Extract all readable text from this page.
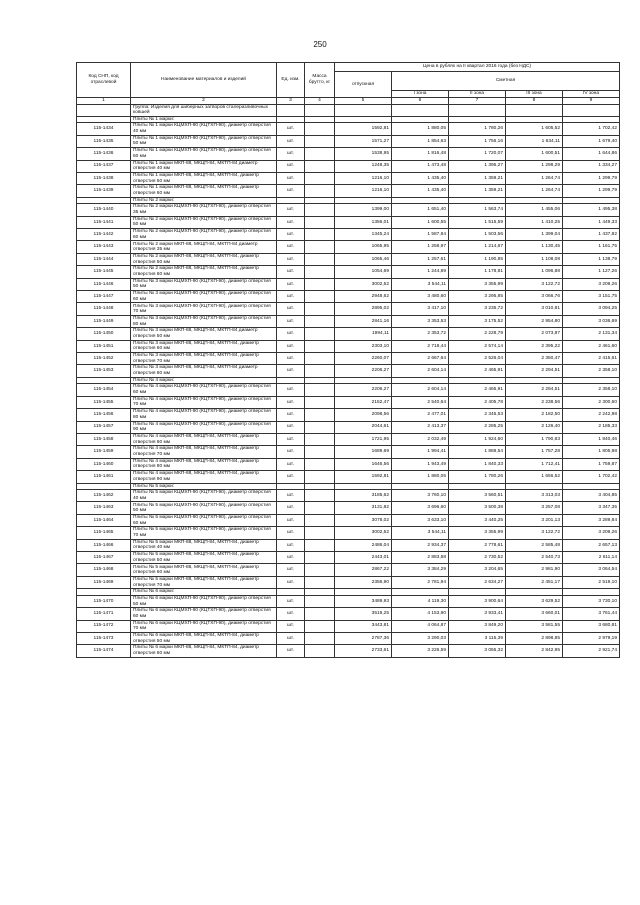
250
Код СНП, код отраслевой	Наименование материалов и изделий	Ед. изм.	Масса брутто, кг	Цена в рублях на II квартал 2016 года (без НДС)				
				отпускная	Сметная			
					I зона	II зона	III зона	IV зона
1	2	3	4	5	6	7	8	9
	Группа: Изделия для шиберных затворов сталеразливочных ковшей							
	Плиты № 1 марки:							
115-1434	Плиты № 1 марки КЦМХП-90 (КЦТХП-90), диаметр отверстия 40 мм	шт.		1592,81	1 880,05	1 780,26	1 605,52	1 702,42
115-1435	Плиты № 1 марки КЦМХП-90 (КЦТХП-90), диаметр отверстия 50 мм	шт.		1571,27	1 854,63	1 756,16	1 634,11	1 679,40
115-1436	Плиты № 1 марки КЦМХП-90 (КЦТХП-90), диаметр отверстия 60 мм	шт.		1538,95	1 816,48	1 720,07	1 600,51	1 644,86
115-1437	Плиты № 1 марки МКП-88, МКЦП-84, МКТП-84 диаметр отверстия 40 мм	шт.		1248,35	1 473,48	1 395,27	1 298,29	1 334,27
115-1438	Плиты № 1 марки МКП-88, МКЦП-84, МКТП-84, диаметр отверстия 50 мм	шт.		1216,10	1 435,40	1 359,21	1 264,74	1 299,79
115-1439	Плиты № 1 марки МКП-88, МКЦП-84, МКТП-84, диаметр отверстия 60 мм	шт.		1216,10	1 435,40	1 359,21	1 264,74	1 299,79
	Плиты № 2 марки:							
115-1440	Плиты № 2 марки КЦМХП-90 (КЦТХП-90), диаметр отверстия 35 мм	шт.		1399,00	1 651,40	1 563,74	1 455,06	1 495,38
115-1441	Плиты № 2 марки КЦМХП-90 (КЦТХП-90), диаметр отверстия 50 мм	шт.		1356,01	1 600,55	1 515,59	1 410,25	1 449,33
115-1442	Плиты № 2 марки КЦМХП-90 (КЦТХП-90), диаметр отверстия 60 мм	шт.		1345,24	1 587,84	1 503,56	1 399,04	1 437,82
115-1443	Плиты № 2 марки МКП-88, МКЦП-84, МКТП-84 диаметр отверстия 35 мм	шт.		1065,95	1 258,97	1 214,67	1 130,45	1 161,75
115-1444	Плиты № 2 марки МКП-88, МКЦП-84, МКТП-84, диаметр отверстия 50 мм	шт.		1065,46	1 257,61	1 190,85	1 108,08	1 138,79
115-1445	Плиты № 2 марки МКП-88, МКЦП-84, МКТП-84, диаметр отверстия 60 мм	шт.		1054,69	1 244,89	1 178,81	1 096,88	1 127,26
115-1446	Плиты № 3 марки КЦМХП-90 (КЦТХП-90), диаметр отверстия 50 мм	шт.		3002,52	3 544,11	3 355,99	3 122,72	3 209,26
115-1447	Плиты № 3 марки КЦМХП-90 (КЦТХП-90), диаметр отверстия 60 мм	шт.		2948,62	3 480,60	3 295,85	3 066,76	3 151,75
115-1448	Плиты № 3 марки КЦМХП-90 (КЦТХП-90), диаметр отверстия 70 мм	шт.		2895,02	3 417,10	3 235,72	3 010,81	3 094,25
115-1449	Плиты № 3 марки КЦМХП-90 (КЦТХП-90), диаметр отверстия 80 мм	шт.		2841,16	3 353,53	3 175,52	2 954,80	3 036,69
115-1450	Плиты № 3 марки МКП-88, МКЦП-84, МКТП-84 диаметр отверстия 50 мм	шт.		1994,11	2 353,72	2 228,79	2 073,87	2 131,34
115-1451	Плиты № 3 марки МКП-88, МКЦП-84, МКТП-84, диаметр отверстия 60 мм	шт.		2303,10	2 718,44	2 574,14	2 395,22	2 461,60
115-1452	Плиты № 3 марки МКП-88, МКЦП-84, МКТП-84, диаметр отверстия 70 мм	шт.		2260,07	2 667,64	2 526,04	2 350,47	2 415,61
115-1453	Плиты № 3 марки МКП-88, МКЦП-84, МКТП-84 диаметр отверстия 80 мм	шт.		2206,27	2 604,14	2 465,91	2 294,51	2 358,10
	Плиты № 4 марки:							
115-1454	Плиты № 4 марки КЦМХП-90 (КЦТХП-90), диаметр отверстия 60 мм	шт.		2206,27	2 604,14	2 465,91	2 294,51	2 358,10
115-1455	Плиты № 4 марки КЦМХП-90 (КЦТХП-90), диаметр отверстия 70 мм	шт.		2152,47	2 540,64	2 405,78	2 238,56	2 300,60
115-1456	Плиты № 4 марки КЦМХП-90 (КЦТХП-90), диаметр отверстия 80 мм	шт.		2098,56	2 477,01	2 345,53	2 182,50	2 242,98
115-1457	Плиты № 4 марки КЦМХП-90 (КЦТХП-90), диаметр отверстия 90 мм	шт.		2044,61	2 413,37	2 285,25	2 126,40	2 185,33
115-1458	Плиты № 4 марки МКП-88, МКЦП-84, МКТП-84, диаметр отверстия 60 мм	шт.		1721,95	2 032,49	1 924,60	1 790,83	1 840,46
115-1459	Плиты № 4 марки МКП-88, МКЦП-84, МКТП-84, диаметр отверстия 70 мм	шт.		1689,69	1 994,41	1 888,54	1 757,28	1 805,98
115-1460	Плиты № 4 марки МКП-88, МКЦП-84, МКТП-84, диаметр отверстия 80 мм	шт.		1646,56	1 943,49	1 840,33	1 712,41	1 759,87
115-1461	Плиты № 4 марки МКП-88, МКЦП-84, МКТП-84, диаметр отверстия 90 мм	шт.		1592,81	1 880,05	1 780,26	1 656,52	1 702,42
	Плиты № 5 марки:							
115-1462	Плиты № 5 марки КЦМХП-90 (КЦТХП-90), диаметр отверстия 40 мм	шт.		3185,62	3 760,10	3 560,51	3 313,03	3 404,85
115-1463	Плиты № 5 марки КЦМХП-90 (КЦТХП-90), диаметр отверстия 50 мм	шт.		3131,82	3 696,60	3 500,38	3 257,08	3 347,35
115-1464	Плиты № 5 марки КЦМХП-90 (КЦТХП-90), диаметр отверстия 60 мм	шт.		3078,02	3 633,10	3 440,25	3 201,13	3 289,84
115-1465	Плиты № 5 марки КЦМХП-90 (КЦТХП-90), диаметр отверстия 70 мм	шт.		3002,52	3 544,11	3 355,99	3 122,72	3 209,26
115-1466	Плиты № 5 марки МКП-88, МКЦП-84, МКТП-84, диаметр отверстия 40 мм	шт.		2486,04	2 934,37	2 778,61	2 585,48	2 657,13
115-1467	Плиты № 5 марки МКП-88, МКЦП-84, МКТП-84, диаметр отверстия 50 мм	шт.		2443,01	2 883,58	2 730,52	2 540,73	2 611,14
115-1468	Плиты № 5 марки МКП-88, МКЦП-84, МКТП-84, диаметр отверстия 60 мм	шт.		2867,22	3 384,29	3 204,65	2 981,90	3 064,54
115-1469	Плиты № 5 марки МКП-88, МКЦП-84, МКТП-84, диаметр отверстия 70 мм	шт.		2356,90	2 781,94	2 634,27	2 451,17	2 519,10
	Плиты № 6 марки:							
115-1470	Плиты № 6 марки КЦМХП-90 (КЦТХП-90), диаметр отверстия 50 мм	шт.		3489,93	4 119,30	3 900,64	3 629,52	3 730,10
115-1471	Плиты № 6 марки КЦМХП-90 (КЦТХП-90), диаметр отверстия 60 мм	шт.		3519,25	4 153,90	3 933,41	3 660,01	3 761,44
115-1472	Плиты № 6 марки КЦМХП-90 (КЦТХП-90), диаметр отверстия 70 мм	шт.		3443,81	4 064,87	3 849,20	3 581,55	3 680,81
115-1473	Плиты № 6 марки МКП-88, МКЦП-84, МКТП-84, диаметр отверстия 50 мм	шт.		2787,36	3 290,03	3 115,39	2 898,85	2 979,19
115-1474	Плиты № 6 марки МКП-88, МКЦП-84, МКТП-84, диаметр отверстия 60 мм	шт.		2733,61	3 226,59	3 055,32	2 842,95	2 921,74
